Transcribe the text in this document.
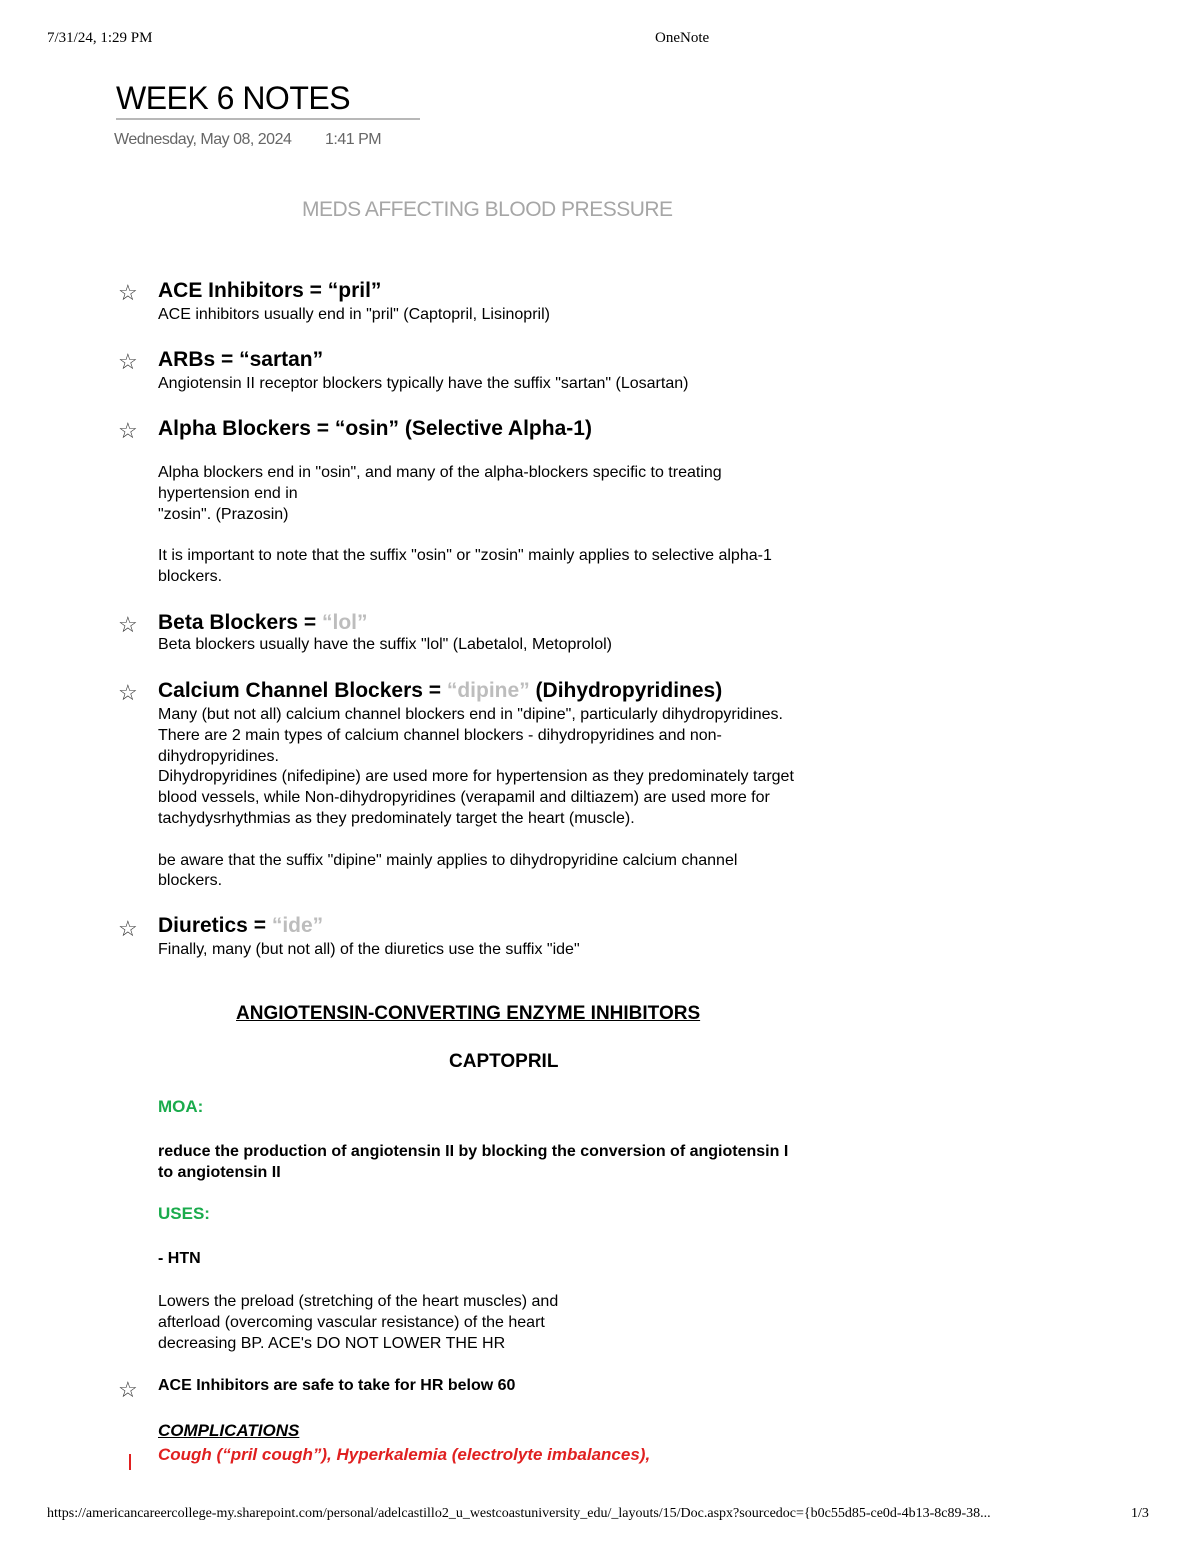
7/31/24, 1:29 PM	OneNote
WEEK 6 NOTES
Wednesday, May 08, 2024 1:41 PM
MEDS AFFECTING BLOOD PRESSURE
☆ ACE Inhibitors = “pril”
ACE inhibitors usually end in "pril" (Captopril, Lisinopril)
☆ ARBs = “sartan”
Angiotensin II receptor blockers typically have the suffix "sartan" (Losartan)
☆ Alpha Blockers = “osin” (Selective Alpha-1)
Alpha blockers end in "osin", and many of the alpha-blockers specific to treating
hypertension end in
"zosin". (Prazosin)

It is important to note that the suffix "osin" or "zosin" mainly applies to selective alpha-1
blockers.
☆ Beta Blockers = “lol”
Beta blockers usually have the suffix "lol" (Labetalol, Metoprolol)
☆ Calcium Channel Blockers = “dipine” (Dihydropyridines)
Many (but not all) calcium channel blockers end in "dipine", particularly dihydropyridines.
There are 2 main types of calcium channel blockers - dihydropyridines and non-
dihydropyridines.
Dihydropyridines (nifedipine) are used more for hypertension as they predominately target
blood vessels, while Non-dihydropyridines (verapamil and diltiazem) are used more for
tachydysrhythmias as they predominately target the heart (muscle).

be aware that the suffix "dipine" mainly applies to dihydropyridine calcium channel
blockers.
☆ Diuretics = “ide”
Finally, many (but not all) of the diuretics use the suffix "ide"
ANGIOTENSIN-CONVERTING ENZYME INHIBITORS
CAPTOPRIL
MOA:
reduce the production of angiotensin II by blocking the conversion of angiotensin I
to angiotensin II
USES:
- HTN
Lowers the preload (stretching of the heart muscles) and
afterload (overcoming vascular resistance) of the heart
decreasing BP. ACE's DO NOT LOWER THE HR
☆ ACE Inhibitors are safe to take for HR below 60
COMPLICATIONS
Cough (“pril cough”), Hyperkalemia (electrolyte imbalances),
https://americancareercollege-my.sharepoint.com/personal/adelcastillo2_u_westcoastuniversity_edu/_layouts/15/Doc.aspx?sourcedoc={b0c55d85-ce0d-4b13-8c89-38...	1/3
